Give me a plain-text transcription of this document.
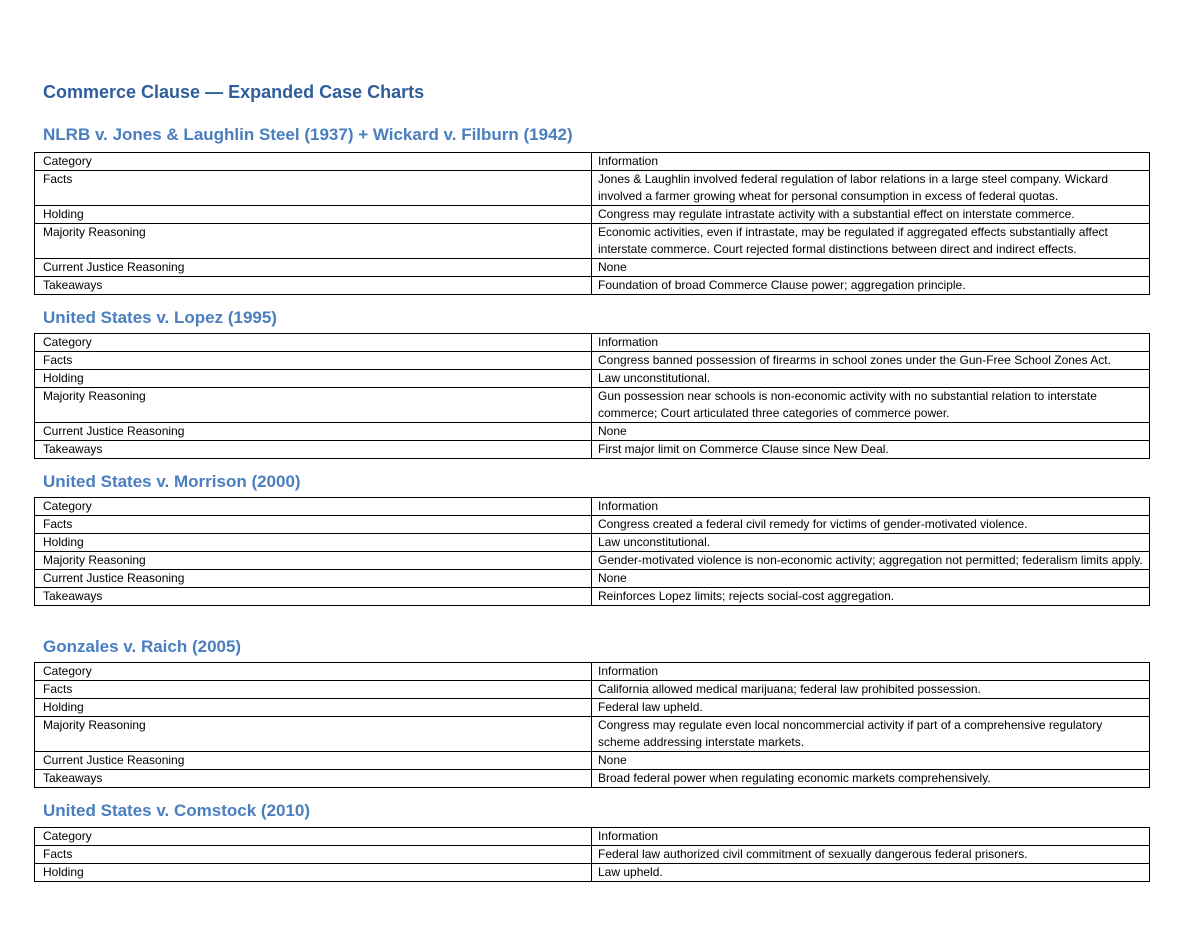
Commerce Clause — Expanded Case Charts
NLRB v. Jones & Laughlin Steel (1937) + Wickard v. Filburn (1942)
Category	Information
Facts	Jones & Laughlin involved federal regulation of labor relations in a large steel company. Wickard involved a farmer growing wheat for personal consumption in excess of federal quotas.
Holding	Congress may regulate intrastate activity with a substantial effect on interstate commerce.
Majority Reasoning	Economic activities, even if intrastate, may be regulated if aggregated effects substantially affect interstate commerce. Court rejected formal distinctions between direct and indirect effects.
Current Justice Reasoning	None
Takeaways	Foundation of broad Commerce Clause power; aggregation principle.
United States v. Lopez (1995)
Category	Information
Facts	Congress banned possession of firearms in school zones under the Gun-Free School Zones Act.
Holding	Law unconstitutional.
Majority Reasoning	Gun possession near schools is non-economic activity with no substantial relation to interstate commerce; Court articulated three categories of commerce power.
Current Justice Reasoning	None
Takeaways	First major limit on Commerce Clause since New Deal.
United States v. Morrison (2000)
Category	Information
Facts	Congress created a federal civil remedy for victims of gender-motivated violence.
Holding	Law unconstitutional.
Majority Reasoning	Gender-motivated violence is non-economic activity; aggregation not permitted; federalism limits apply.
Current Justice Reasoning	None
Takeaways	Reinforces Lopez limits; rejects social-cost aggregation.
Gonzales v. Raich (2005)
Category	Information
Facts	California allowed medical marijuana; federal law prohibited possession.
Holding	Federal law upheld.
Majority Reasoning	Congress may regulate even local noncommercial activity if part of a comprehensive regulatory scheme addressing interstate markets.
Current Justice Reasoning	None
Takeaways	Broad federal power when regulating economic markets comprehensively.
United States v. Comstock (2010)
Category	Information
Facts	Federal law authorized civil commitment of sexually dangerous federal prisoners.
Holding	Law upheld.
